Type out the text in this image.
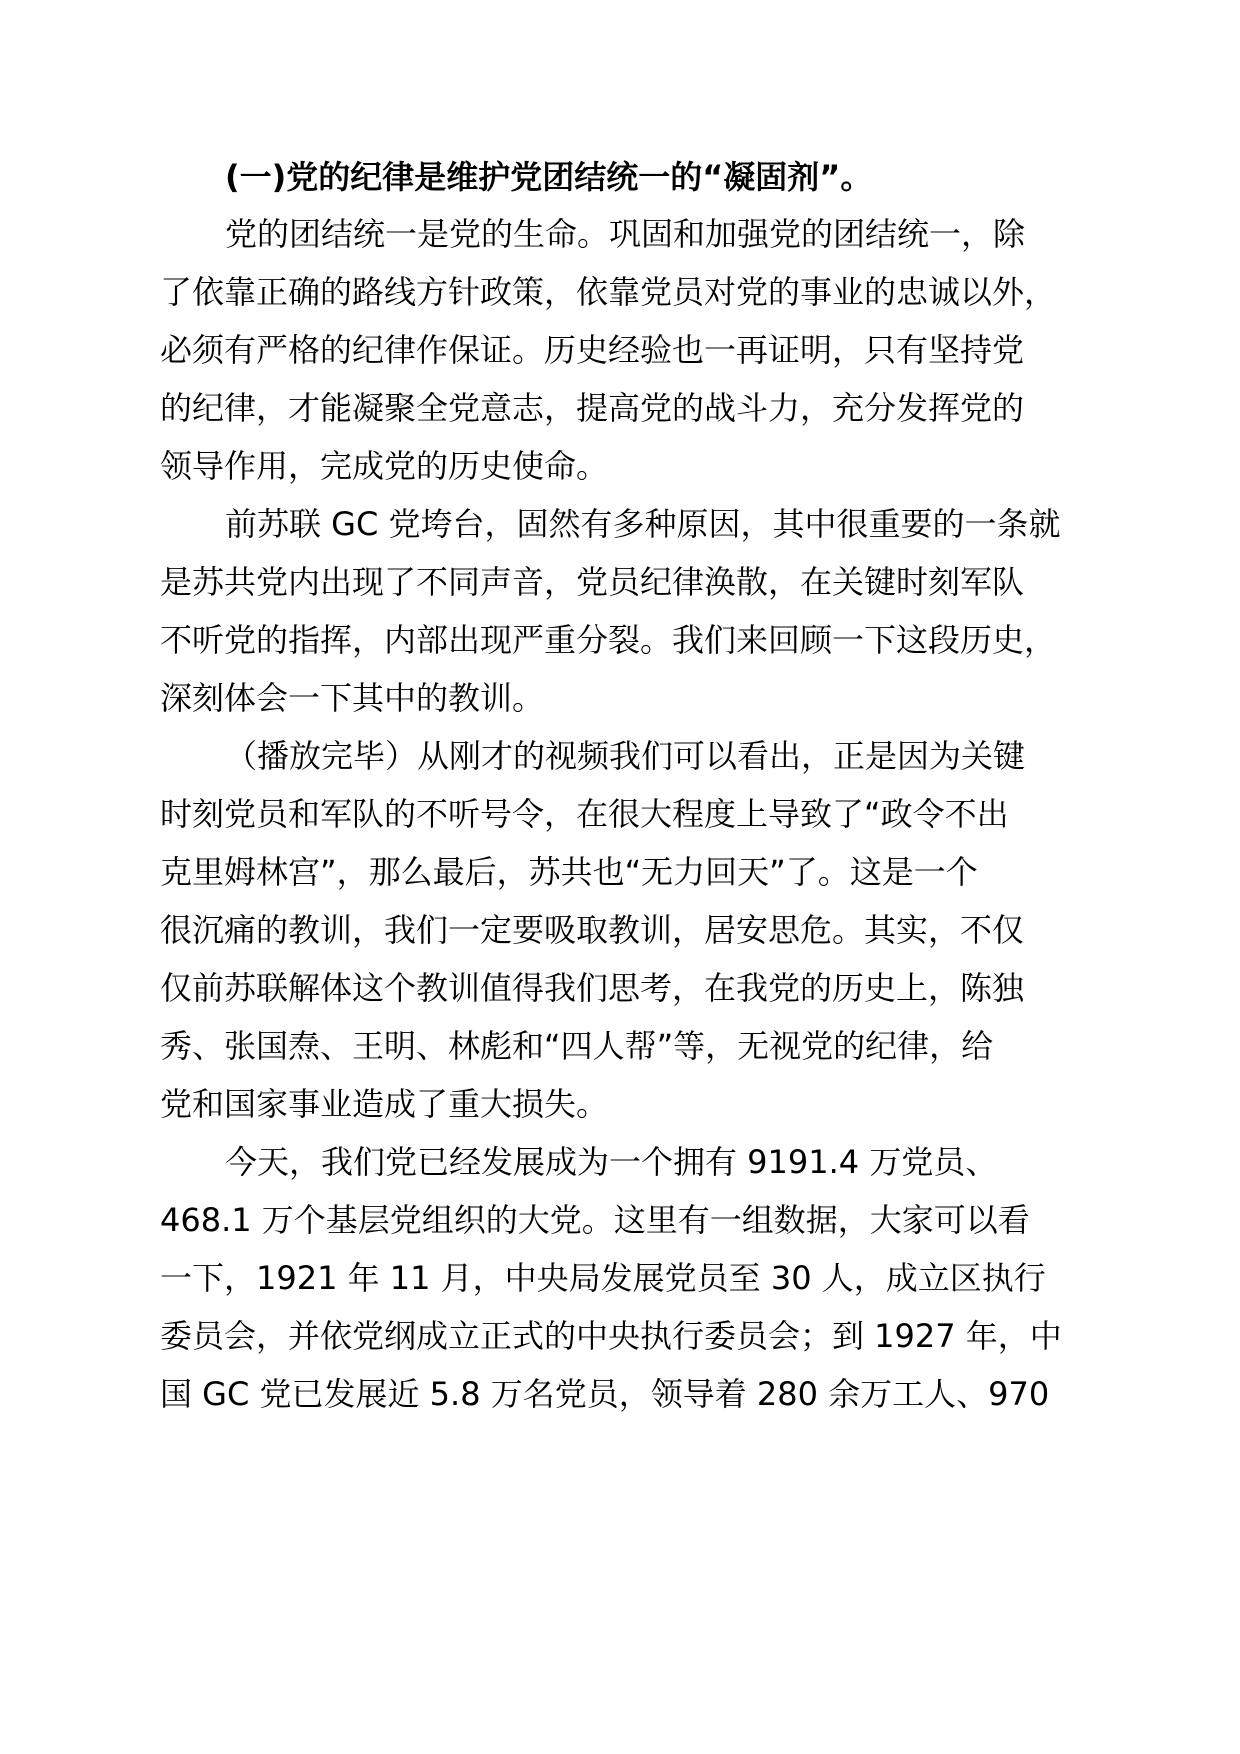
(一)党的纪律是维护党团结统一的“凝固剂”。
党的团结统一是党的生命。巩固和加强党的团结统一，除
了依靠正确的路线方针政策，依靠党员对党的事业的忠诚以外，
必须有严格的纪律作保证。历史经验也一再证明，只有坚持党
的纪律，才能凝聚全党意志，提高党的战斗力，充分发挥党的
领导作用，完成党的历史使命。
前苏联 GC 党垮台，固然有多种原因，其中很重要的一条就
是苏共党内出现了不同声音，党员纪律涣散，在关键时刻军队
不听党的指挥，内部出现严重分裂。我们来回顾一下这段历史，
深刻体会一下其中的教训。
（播放完毕）从刚才的视频我们可以看出，正是因为关键
时刻党员和军队的不听号令，在很大程度上导致了“政令不出
克里姆林宫”，那么最后，苏共也“无力回天”了。这是一个
很沉痛的教训，我们一定要吸取教训，居安思危。其实，不仅
仅前苏联解体这个教训值得我们思考，在我党的历史上，陈独
秀、张国焘、王明、林彪和“四人帮”等，无视党的纪律，给
党和国家事业造成了重大损失。
今天，我们党已经发展成为一个拥有 9191.4 万党员、
468.1 万个基层党组织的大党。这里有一组数据，大家可以看
一下，1921 年 11 月，中央局发展党员至 30 人，成立区执行
委员会，并依党纲成立正式的中央执行委员会；到 1927 年，中
国 GC 党已发展近 5.8 万名党员，领导着 280 余万工人、970
